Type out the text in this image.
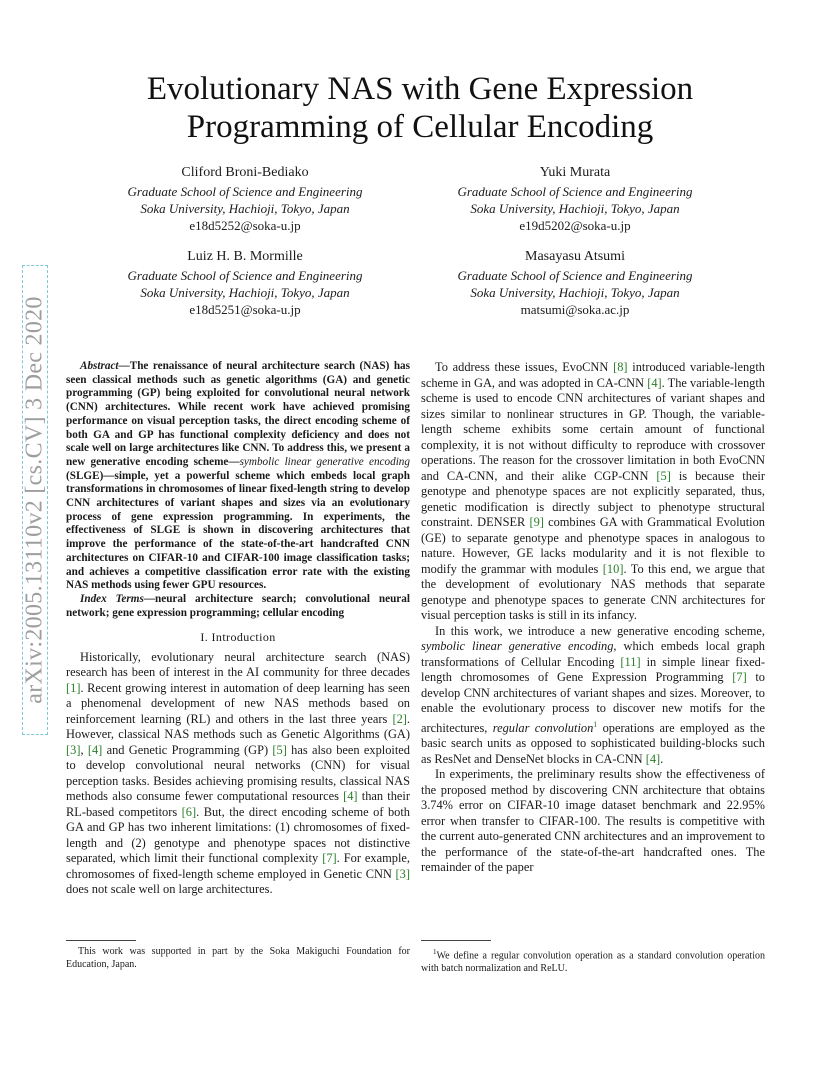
arXiv:2005.13110v2 [cs.CV] 3 Dec 2020
Evolutionary NAS with Gene Expression
Programming of Cellular Encoding
Cliford Broni-Bediako
Graduate School of Science and Engineering
Soka University, Hachioji, Tokyo, Japan
e18d5252@soka-u.jp
Yuki Murata
Graduate School of Science and Engineering
Soka University, Hachioji, Tokyo, Japan
e19d5202@soka-u.jp
Luiz H. B. Mormille
Graduate School of Science and Engineering
Soka University, Hachioji, Tokyo, Japan
e18d5251@soka-u.jp
Masayasu Atsumi
Graduate School of Science and Engineering
Soka University, Hachioji, Tokyo, Japan
matsumi@soka.ac.jp

Abstract—The renaissance of neural architecture search (NAS) has seen classical methods such as genetic algorithms (GA) and genetic programming (GP) being exploited for convolutional neural network (CNN) architectures. While recent work have achieved promising performance on visual perception tasks, the direct encoding scheme of both GA and GP has functional complexity deficiency and does not scale well on large architectures like CNN. To address this, we present a new generative encoding scheme—symbolic linear generative encoding (SLGE)—simple, yet a powerful scheme which embeds local graph transformations in chromosomes of linear fixed-length string to develop CNN architectures of variant shapes and sizes via an evolutionary process of gene expression programming. In experiments, the effectiveness of SLGE is shown in discovering architectures that improve the performance of the state-of-the-art handcrafted CNN architectures on CIFAR-10 and CIFAR-100 image classification tasks; and achieves a competitive classification error rate with the existing NAS methods using fewer GPU resources.

Index Terms—neural architecture search; convolutional neural network; gene expression programming; cellular encoding

I. Introduction

Historically, evolutionary neural architecture search (NAS) research has been of interest in the AI community for three decades [1]. Recent growing interest in automation of deep learning has seen a phenomenal development of new NAS methods based on reinforcement learning (RL) and others in the last three years [2]. However, classical NAS methods such as Genetic Algorithms (GA) [3], [4] and Genetic Programming (GP) [5] has also been exploited to develop convolutional neural networks (CNN) for visual perception tasks. Besides achieving promising results, classical NAS methods also consume fewer computational resources [4] than their RL-based competitors [6]. But, the direct encoding scheme of both GA and GP has two inherent limitations: (1) chromosomes of fixed-length and (2) genotype and phenotype spaces not distinctive separated, which limit their functional complexity [7]. For example, chromosomes of fixed-length scheme employed in Genetic CNN [3] does not scale well on large architectures.

To address these issues, EvoCNN [8] introduced variable-length scheme in GA, and was adopted in CA-CNN [4]. The variable-length scheme is used to encode CNN architectures of variant shapes and sizes similar to nonlinear structures in GP. Though, the variable-length scheme exhibits some certain amount of functional complexity, it is not without difficulty to reproduce with crossover operations. The reason for the crossover limitation in both EvoCNN and CA-CNN, and their alike CGP-CNN [5] is because their genotype and phenotype spaces are not explicitly separated, thus, genetic modification is directly subject to phenotype structural constraint. DENSER [9] combines GA with Grammatical Evolution (GE) to separate genotype and phenotype spaces in analogous to nature. However, GE lacks modularity and it is not flexible to modify the grammar with modules [10]. To this end, we argue that the development of evolutionary NAS methods that separate genotype and phenotype spaces to generate CNN architectures for visual perception tasks is still in its infancy.

In this work, we introduce a new generative encoding scheme, symbolic linear generative encoding, which embeds local graph transformations of Cellular Encoding [11] in simple linear fixed-length chromosomes of Gene Expression Programming [7] to develop CNN architectures of variant shapes and sizes. Moreover, to enable the evolutionary process to discover new motifs for the architectures, regular convolution$^1$ operations are employed as the basic search units as opposed to sophisticated building-blocks such as ResNet and DenseNet blocks in CA-CNN [4].

In experiments, the preliminary results show the effectiveness of the proposed method by discovering CNN architecture that obtains 3.74% error on CIFAR-10 image dataset benchmark and 22.95% error when transfer to CIFAR-100. The results is competitive with the current auto-generated CNN architectures and an improvement to the performance of the state-of-the-art handcrafted ones. The remainder of the paper

This work was supported in part by the Soka Makiguchi Foundation for Education, Japan.
$^1$We define a regular convolution operation as a standard convolution operation with batch normalization and ReLU.
